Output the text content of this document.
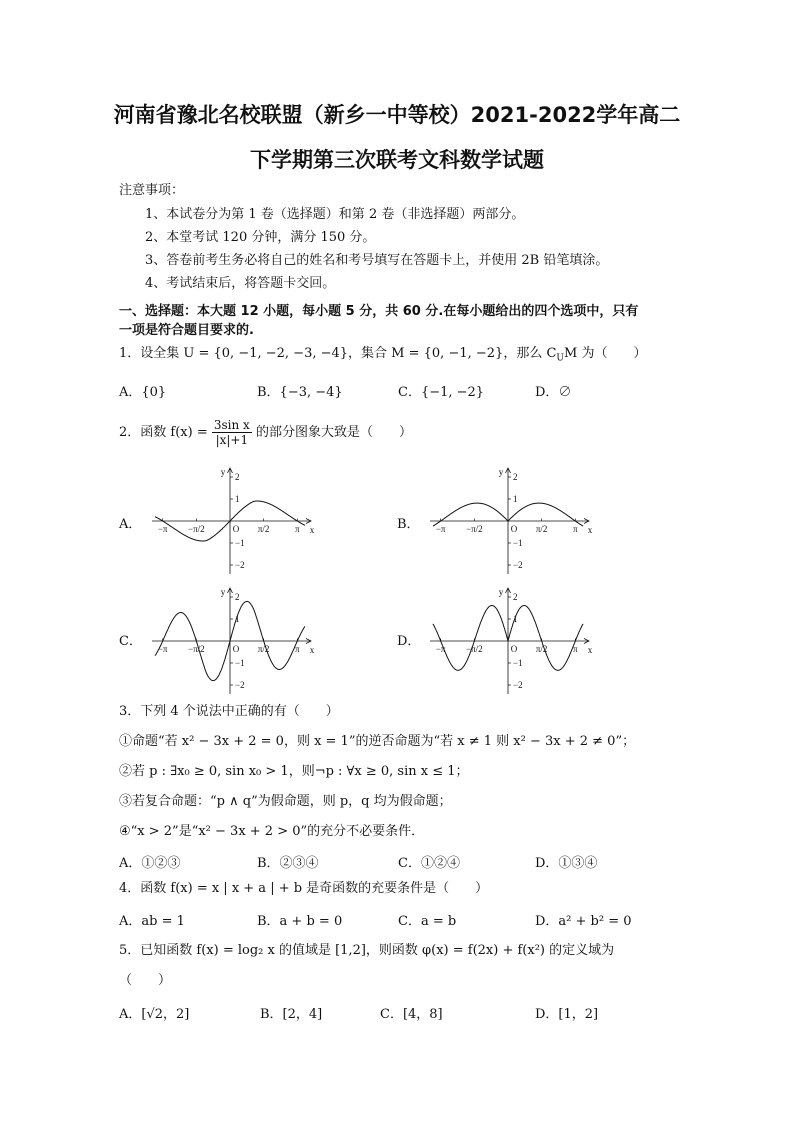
河南省豫北名校联盟（新乡一中等校）2021-2022学年高二
下学期第三次联考文科数学试题
注意事项：
1、本试卷分为第 1 卷（选择题）和第 2 卷（非选择题）两部分。
2、本堂考试 120 分钟，满分 150 分。
3、答卷前考生务必将自己的姓名和考号填写在答题卡上，并使用 2B 铅笔填涂。
4、考试结束后，将答题卡交回。
一、选择题：本大题 12 小题，每小题 5 分，共 60 分.在每小题给出的四个选项中，只有
一项是符合题目要求的.
1．设全集 U = {0, −1, −2, −3, −4}，集合 M = {0, −1, −2}，那么 $C_UM$ 为（　　）
A．{0}	B．{−3, −4}	C．{−1, −2}	D．∅
2．函数 $f(x) = \frac{\text{3sin x}}{|x|+1}$ 的部分图象大致是（　　）
A．	B．
C．	D．
x
y
O
2
1
−1
−2
−π −π/2	π/2	π	x
y
O
2
1
−1
−2
−π −π/2	π/2	π
x
y
O
2
1
−1
−2
−π −π/2	π/2	π	x
y
O
2
1
−1
−2
−π −π/2	π/2	π
3．下列 4 个说法中正确的有（　　）
①命题“若 x² − 3x + 2 = 0，则 x = 1”的逆否命题为“若 x ≠ 1 则 x² − 3x + 2 ≠ 0”；
②若 p : ∃x₀ ≥ 0, sin x₀ > 1，则¬p : ∀x ≥ 0, sin x ≤ 1；
③若复合命题：“p ∧ q”为假命题，则 p，q 均为假命题；
④“x > 2”是“x² − 3x + 2 > 0”的充分不必要条件．
A．①②③	B．②③④	C．①②④	D．①③④
4．函数 f(x) = x | x + a | + b 是奇函数的充要条件是（　　）
A．ab = 1	B．a + b = 0	C．a = b	D．a² + b² = 0
5．已知函数 f(x) = log₂ x 的值域是 [1,2]，则函数 φ(x) = f(2x) + f(x²) 的定义域为
（　　）
A．[√2，2]	B．[2，4]	C．[4，8]	D．[1，2]
